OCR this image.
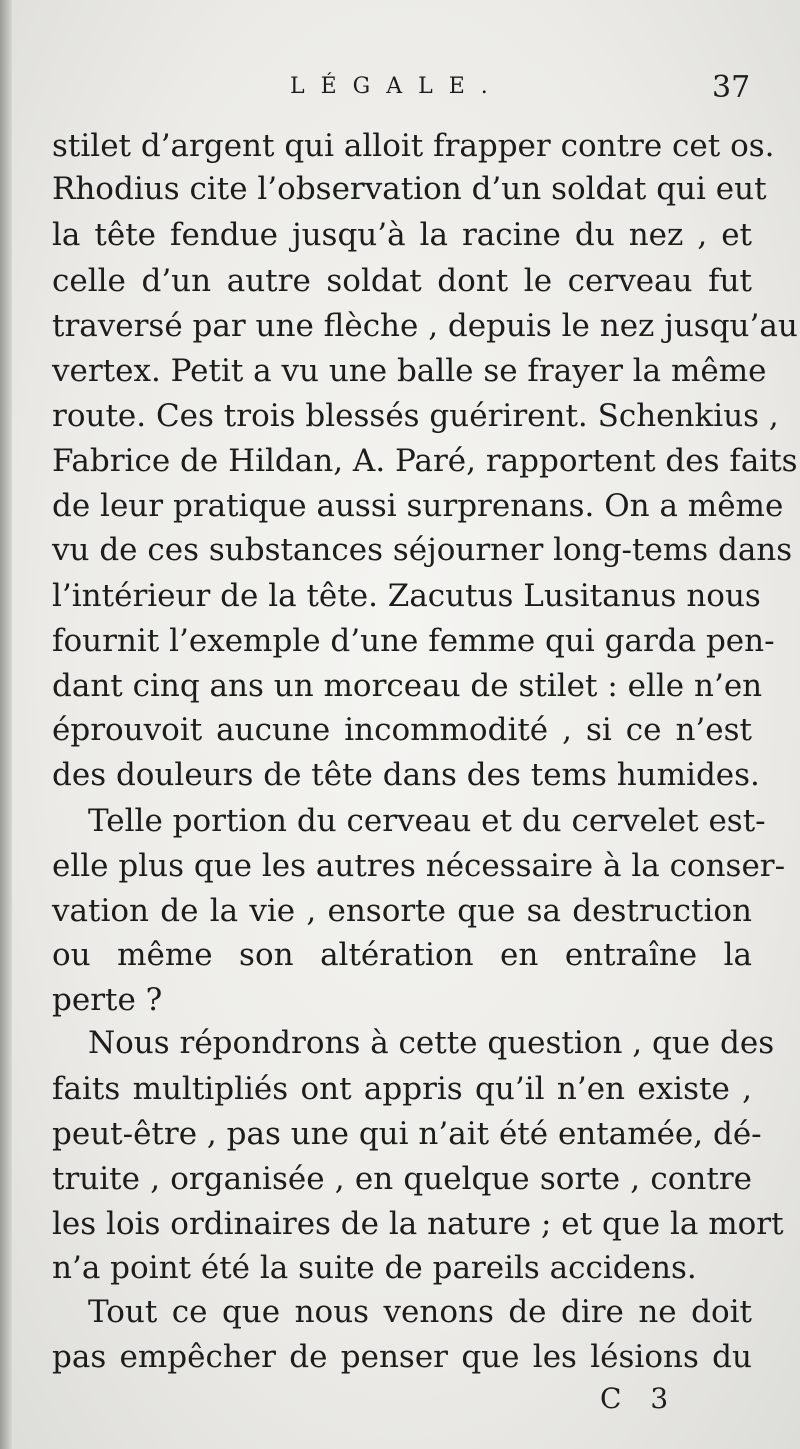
LÉGALE.	37
stilet d’argent qui alloit frapper contre cet os.
Rhodius cite l’observation d’un soldat qui eut
la tête fendue jusqu’à la racine du nez , et
celle d’un autre soldat dont le cerveau fut
traversé par une flèche , depuis le nez jusqu’au
vertex. Petit a vu une balle se frayer la même
route. Ces trois blessés guérirent. Schenkius ,
Fabrice de Hildan, A. Paré, rapportent des faits
de leur pratique aussi surprenans. On a même
vu de ces substances séjourner long-tems dans
l’intérieur de la tête. Zacutus Lusitanus nous
fournit l’exemple d’une femme qui garda pen-
dant cinq ans un morceau de stilet : elle n’en
éprouvoit aucune incommodité , si ce n’est
des douleurs de tête dans des tems humides.
Telle portion du cerveau et du cervelet est-
elle plus que les autres nécessaire à la conser-
vation de la vie , ensorte que sa destruction
ou même son altération en entraîne la
perte ?
Nous répondrons à cette question , que des
faits multipliés ont appris qu’il n’en existe ,
peut-être , pas une qui n’ait été entamée, dé-
truite , organisée , en quelque sorte , contre
les lois ordinaires de la nature ; et que la mort
n’a point été la suite de pareils accidens.
Tout ce que nous venons de dire ne doit
pas empêcher de penser que les lésions du
C 3
